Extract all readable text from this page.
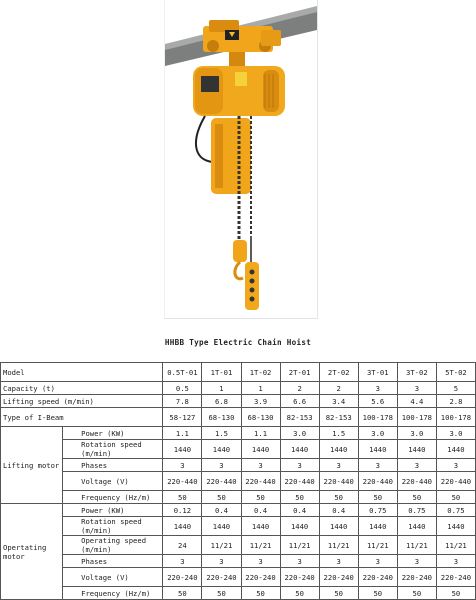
HHBB Type Electric Chain Hoist
Model		0.5T-01	1T-01	1T-02	2T-01	2T-02	3T-01	3T-02	5T-02
Capacity (t)		0.5	1	1	2	2	3	3	5
Lifting speed (m/min)		7.8	6.8	3.9	6.6	3.4	5.6	4.4	2.8
Type of I-Beam		58-127	68-130	68-130	82-153	82-153	100-178	100-178	100-178
Lifting motor	Power (KW)	1.1	1.5	1.1	3.0	1.5	3.0	3.0	3.0
	Rotation speed (m/min)	1440	1440	1440	1440	1440	1440	1440	1440
	Phases	3	3	3	3	3	3	3	3
	Voltage (V)	220-440	220-440	220-440	220-440	220-440	220-440	220-440	220-440
	Frequency (Hz/m)	50	50	50	50	50	50	50	50
Opertating motor	Power (KW)	0.12	0.4	0.4	0.4	0.4	0.75	0.75	0.75
	Rotation speed (m/min)	1440	1440	1440	1440	1440	1440	1440	1440
	Operating speed (m/min)	24	11/21	11/21	11/21	11/21	11/21	11/21	11/21
	Phases	3	3	3	3	3	3	3	3
	Voltage (V)	220-240	220-240	220-240	220-240	220-240	220-240	220-240	220-240
	Frequency (Hz/m)	50	50	50	50	50	50	50	50
